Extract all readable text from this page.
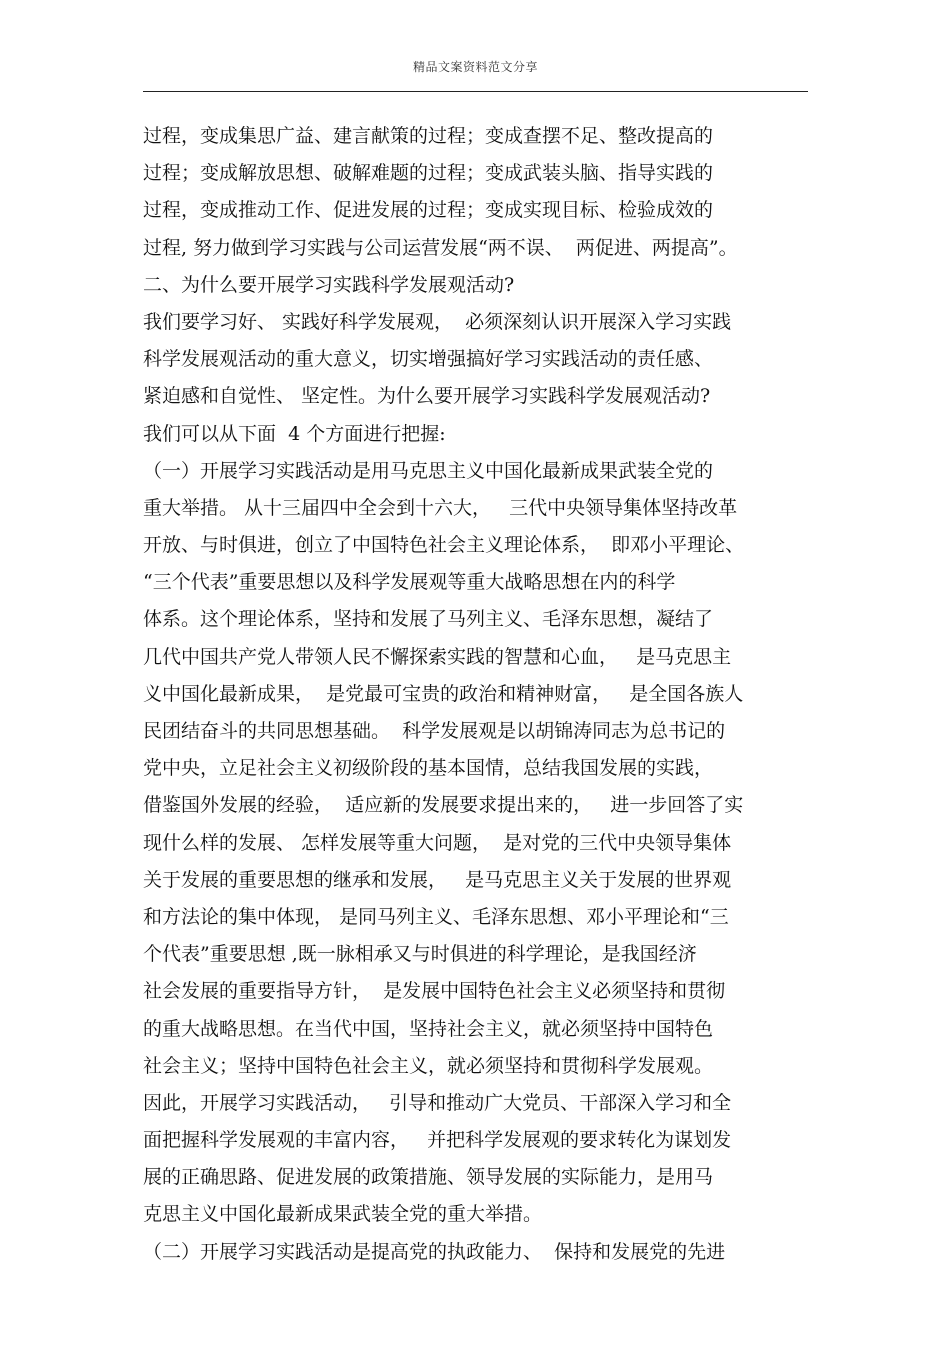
精品文案资料范文分享
过程，变成集思广益、建言献策的过程；变成查摆不足、整改提高的
过程；变成解放思想、破解难题的过程；变成武装头脑、指导实践的
过程，变成推动工作、促进发展的过程；变成实现目标、检验成效的
过程, 努力做到学习实践与公司运营发展“两不误、  两促进、两提高”。
二、为什么要开展学习实践科学发展观活动?
我们要学习好、 实践好科学发展观，  必须深刻认识开展深入学习实践
科学发展观活动的重大意义，切实增强搞好学习实践活动的责任感、
紧迫感和自觉性、 坚定性。为什么要开展学习实践科学发展观活动?
我们可以从下面  4 个方面进行把握:
（一）开展学习实践活动是用马克思主义中国化最新成果武装全党的
重大举措。 从十三届四中全会到十六大，   三代中央领导集体坚持改革
开放、与时俱进，创立了中国特色社会主义理论体系，  即邓小平理论、
“三个代表”重要思想以及科学发展观等重大战略思想在内的科学
体系。这个理论体系，坚持和发展了马列主义、毛泽东思想，凝结了
几代中国共产党人带领人民不懈探索实践的智慧和心血，   是马克思主
义中国化最新成果，  是党最可宝贵的政治和精神财富，   是全国各族人
民团结奋斗的共同思想基础。  科学发展观是以胡锦涛同志为总书记的
党中央，立足社会主义初级阶段的基本国情，总结我国发展的实践，
借鉴国外发展的经验，  适应新的发展要求提出来的，   进一步回答了实
现什么样的发展、 怎样发展等重大问题，  是对党的三代中央领导集体
关于发展的重要思想的继承和发展，   是马克思主义关于发展的世界观
和方法论的集中体现， 是同马列主义、毛泽东思想、邓小平理论和“三
个代表”重要思想 ,既一脉相承又与时俱进的科学理论，是我国经济
社会发展的重要指导方针，  是发展中国特色社会主义必须坚持和贯彻
的重大战略思想。在当代中国，坚持社会主义，就必须坚持中国特色
社会主义；坚持中国特色社会主义，就必须坚持和贯彻科学发展观。
因此，开展学习实践活动，   引导和推动广大党员、干部深入学习和全
面把握科学发展观的丰富内容，   并把科学发展观的要求转化为谋划发
展的正确思路、促进发展的政策措施、领导发展的实际能力，是用马
克思主义中国化最新成果武装全党的重大举措。
（二）开展学习实践活动是提高党的执政能力、  保持和发展党的先进
